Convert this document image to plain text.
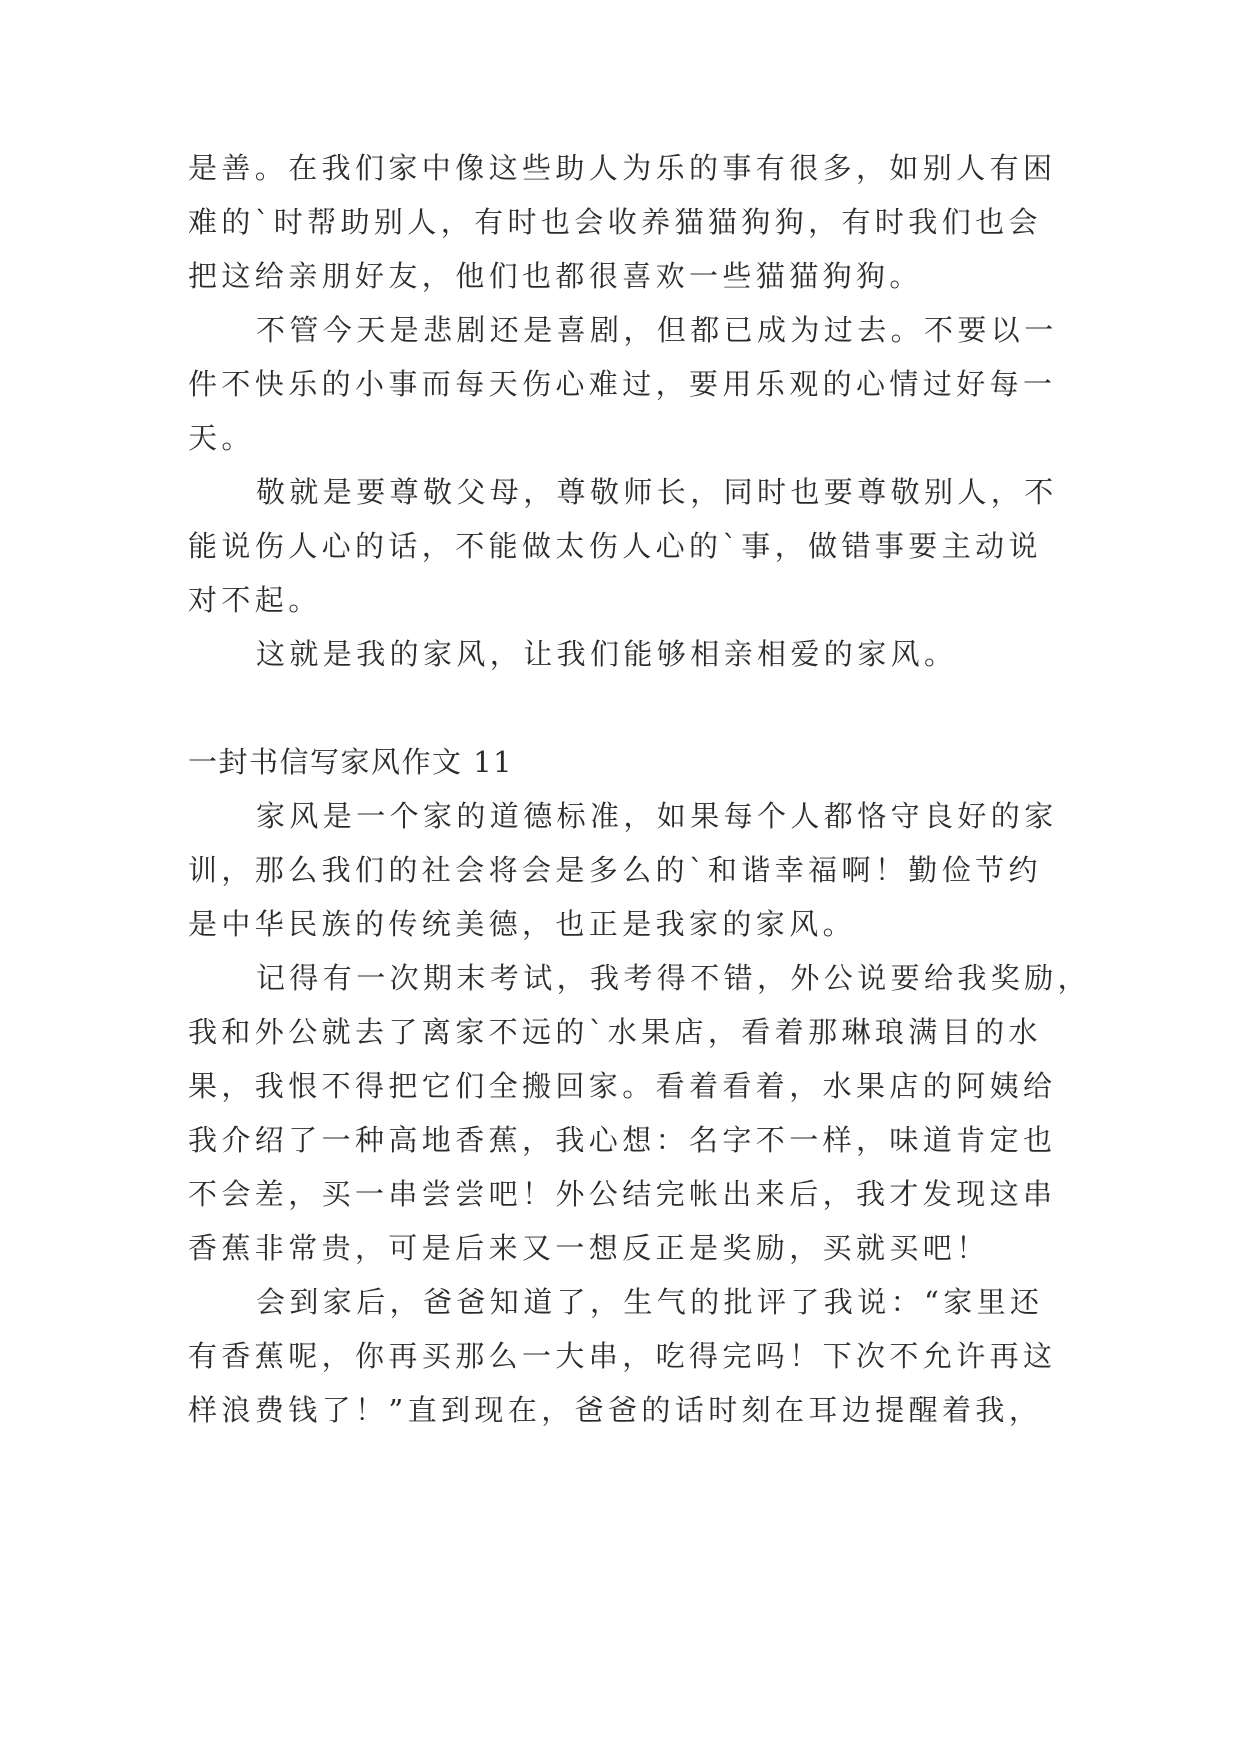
是善。在我们家中像这些助人为乐的事有很多，如别人有困

难的`时帮助别人，有时也会收养猫猫狗狗，有时我们也会

把这给亲朋好友，他们也都很喜欢一些猫猫狗狗。

不管今天是悲剧还是喜剧，但都已成为过去。不要以一

件不快乐的小事而每天伤心难过，要用乐观的心情过好每一

天。

敬就是要尊敬父母，尊敬师长，同时也要尊敬别人，不

能说伤人心的话，不能做太伤人心的`事，做错事要主动说

对不起。

这就是我的家风，让我们能够相亲相爱的家风。

一封书信写家风作文 11

家风是一个家的道德标准，如果每个人都恪守良好的家

训，那么我们的社会将会是多么的`和谐幸福啊！勤俭节约

是中华民族的传统美德，也正是我家的家风。

记得有一次期末考试，我考得不错，外公说要给我奖励，

我和外公就去了离家不远的`水果店，看着那琳琅满目的水

果，我恨不得把它们全搬回家。看着看着，水果店的阿姨给

我介绍了一种高地香蕉，我心想：名字不一样，味道肯定也

不会差，买一串尝尝吧！外公结完帐出来后，我才发现这串

香蕉非常贵，可是后来又一想反正是奖励，买就买吧！

会到家后，爸爸知道了，生气的批评了我说：“家里还

有香蕉呢，你再买那么一大串，吃得完吗！下次不允许再这

样浪费钱了！”直到现在，爸爸的话时刻在耳边提醒着我，
